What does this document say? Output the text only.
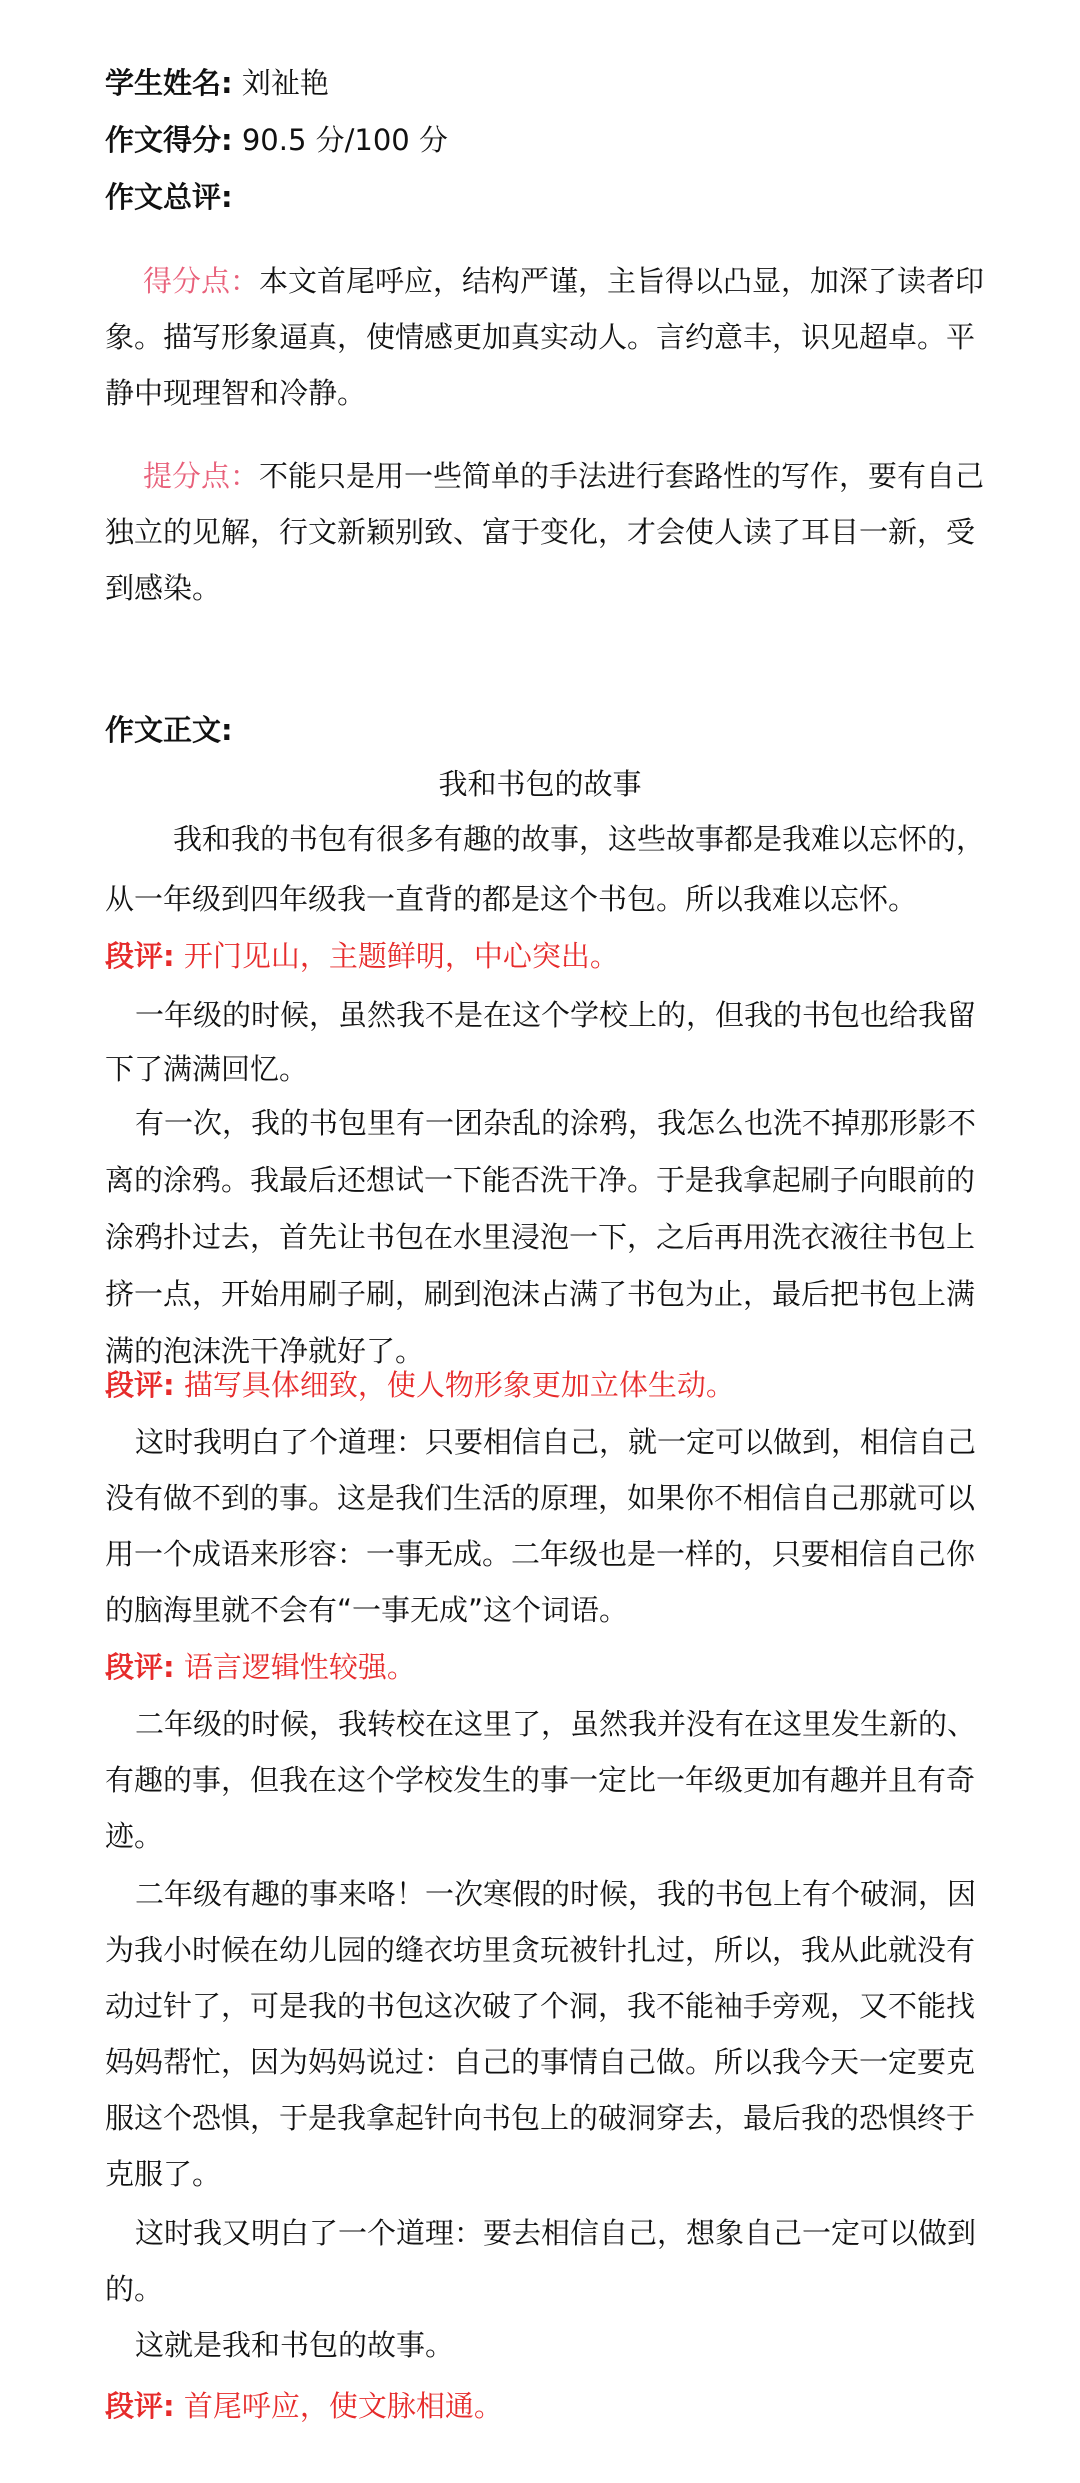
学生姓名: 刘祉艳
作文得分: 90.5 分/100 分
作文总评:
得分点：本文首尾呼应，结构严谨，主旨得以凸显，加深了读者印
象。描写形象逼真，使情感更加真实动人。言约意丰，识见超卓。平
静中现理智和冷静。
提分点：不能只是用一些简单的手法进行套路性的写作，要有自己
独立的见解，行文新颖别致、富于变化，才会使人读了耳目一新，受
到感染。
作文正文:
我和书包的故事
我和我的书包有很多有趣的故事，这些故事都是我难以忘怀的，
从一年级到四年级我一直背的都是这个书包。所以我难以忘怀。
段评: 开门见山，主题鲜明，中心突出。
一年级的时候，虽然我不是在这个学校上的，但我的书包也给我留
下了满满回忆。
有一次，我的书包里有一团杂乱的涂鸦，我怎么也洗不掉那形影不
离的涂鸦。我最后还想试一下能否洗干净。于是我拿起刷子向眼前的
涂鸦扑过去，首先让书包在水里浸泡一下，之后再用洗衣液往书包上
挤一点，开始用刷子刷，刷到泡沫占满了书包为止，最后把书包上满
满的泡沫洗干净就好了。
段评: 描写具体细致，使人物形象更加立体生动。
这时我明白了个道理：只要相信自己，就一定可以做到，相信自己
没有做不到的事。这是我们生活的原理，如果你不相信自己那就可以
用一个成语来形容：一事无成。二年级也是一样的，只要相信自己你
的脑海里就不会有“一事无成”这个词语。
段评: 语言逻辑性较强。
二年级的时候，我转校在这里了，虽然我并没有在这里发生新的、
有趣的事，但我在这个学校发生的事一定比一年级更加有趣并且有奇
迹。
二年级有趣的事来咯！一次寒假的时候，我的书包上有个破洞，因
为我小时候在幼儿园的缝衣坊里贪玩被针扎过，所以，我从此就没有
动过针了，可是我的书包这次破了个洞，我不能袖手旁观，又不能找
妈妈帮忙，因为妈妈说过：自己的事情自己做。所以我今天一定要克
服这个恐惧，于是我拿起针向书包上的破洞穿去，最后我的恐惧终于
克服了。
这时我又明白了一个道理：要去相信自己，想象自己一定可以做到
的。
这就是我和书包的故事。
段评: 首尾呼应，使文脉相通。
